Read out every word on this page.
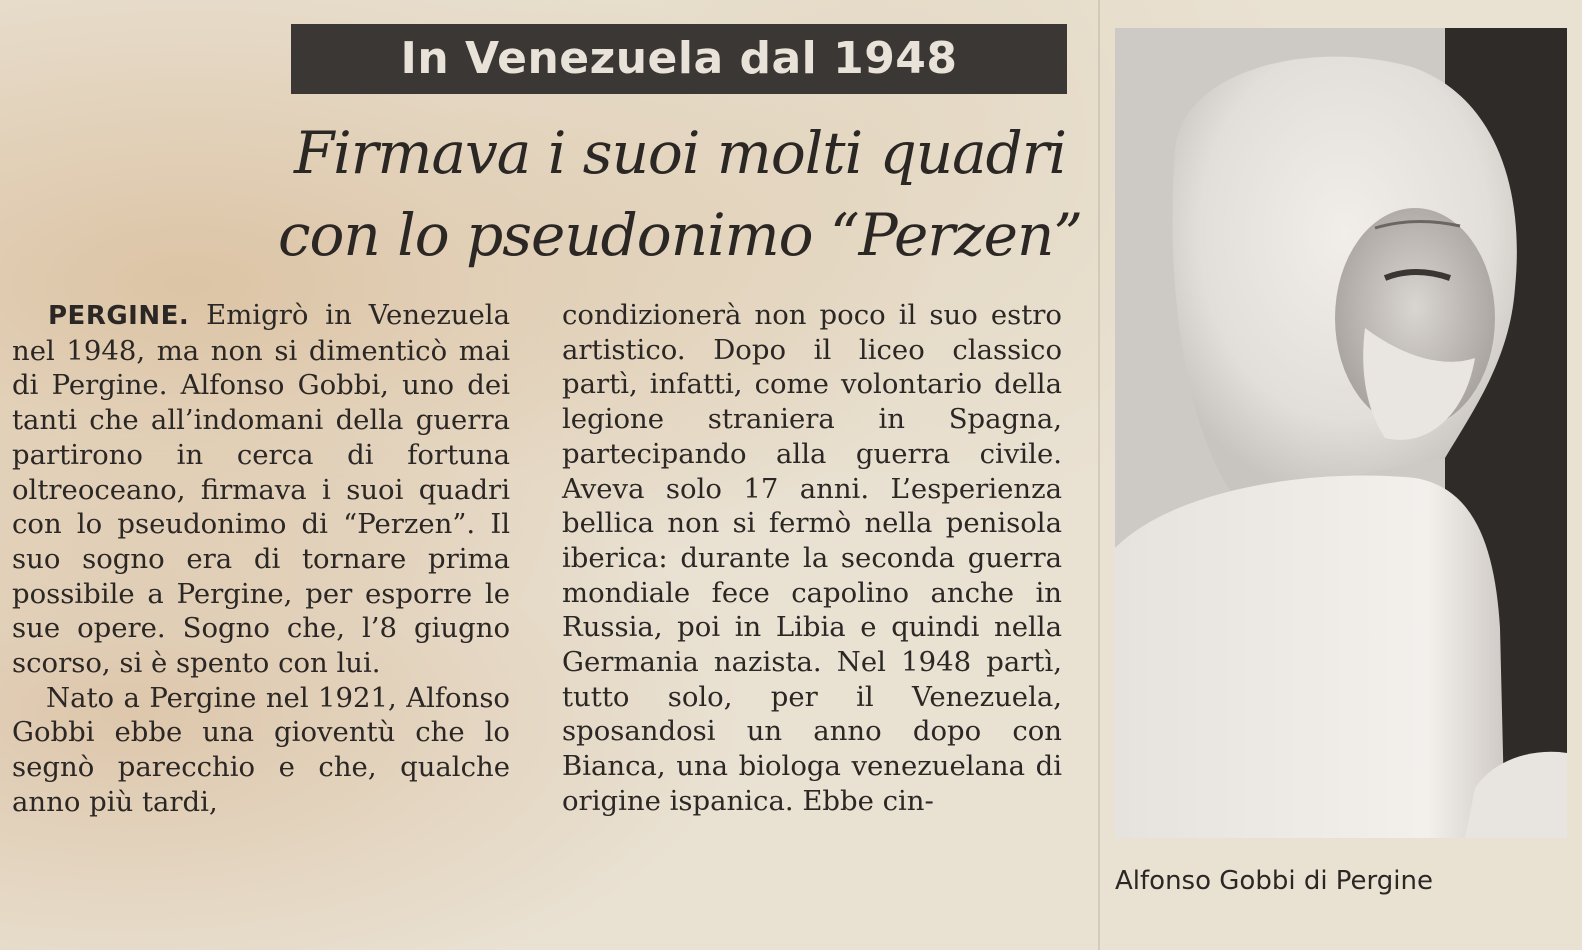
In Venezuela dal 1948
Firmava i suoi molti quadri
con lo pseudonimo “Perzen”

PERGINE. Emigrò in Venezuela nel 1948, ma non si dimenticò mai di Pergine. Alfonso Gobbi, uno dei tanti che all’indomani della guerra partirono in cerca di fortuna oltreoceano, firmava i suoi quadri con lo pseudonimo di “Perzen”. Il suo sogno era di tornare prima possibile a Pergine, per esporre le sue opere. Sogno che, l’8 giugno scorso, si è spento con lui.

Nato a Pergine nel 1921, Alfonso Gobbi ebbe una gioventù che lo segnò parecchio e che, qualche anno più tardi,

condizionerà non poco il suo estro artistico. Dopo il liceo classico partì, infatti, come volontario della legione straniera in Spagna, partecipando alla guerra civile. Aveva solo 17 anni. L’esperienza bellica non si fermò nella penisola iberica: durante la seconda guerra mondiale fece capolino anche in Russia, poi in Libia e quindi nella Germania nazista. Nel 1948 partì, tutto solo, per il Venezuela, sposandosi un anno dopo con Bianca, una biologa venezuelana di origine ispanica. Ebbe cin-

Alfonso Gobbi di Pergine
